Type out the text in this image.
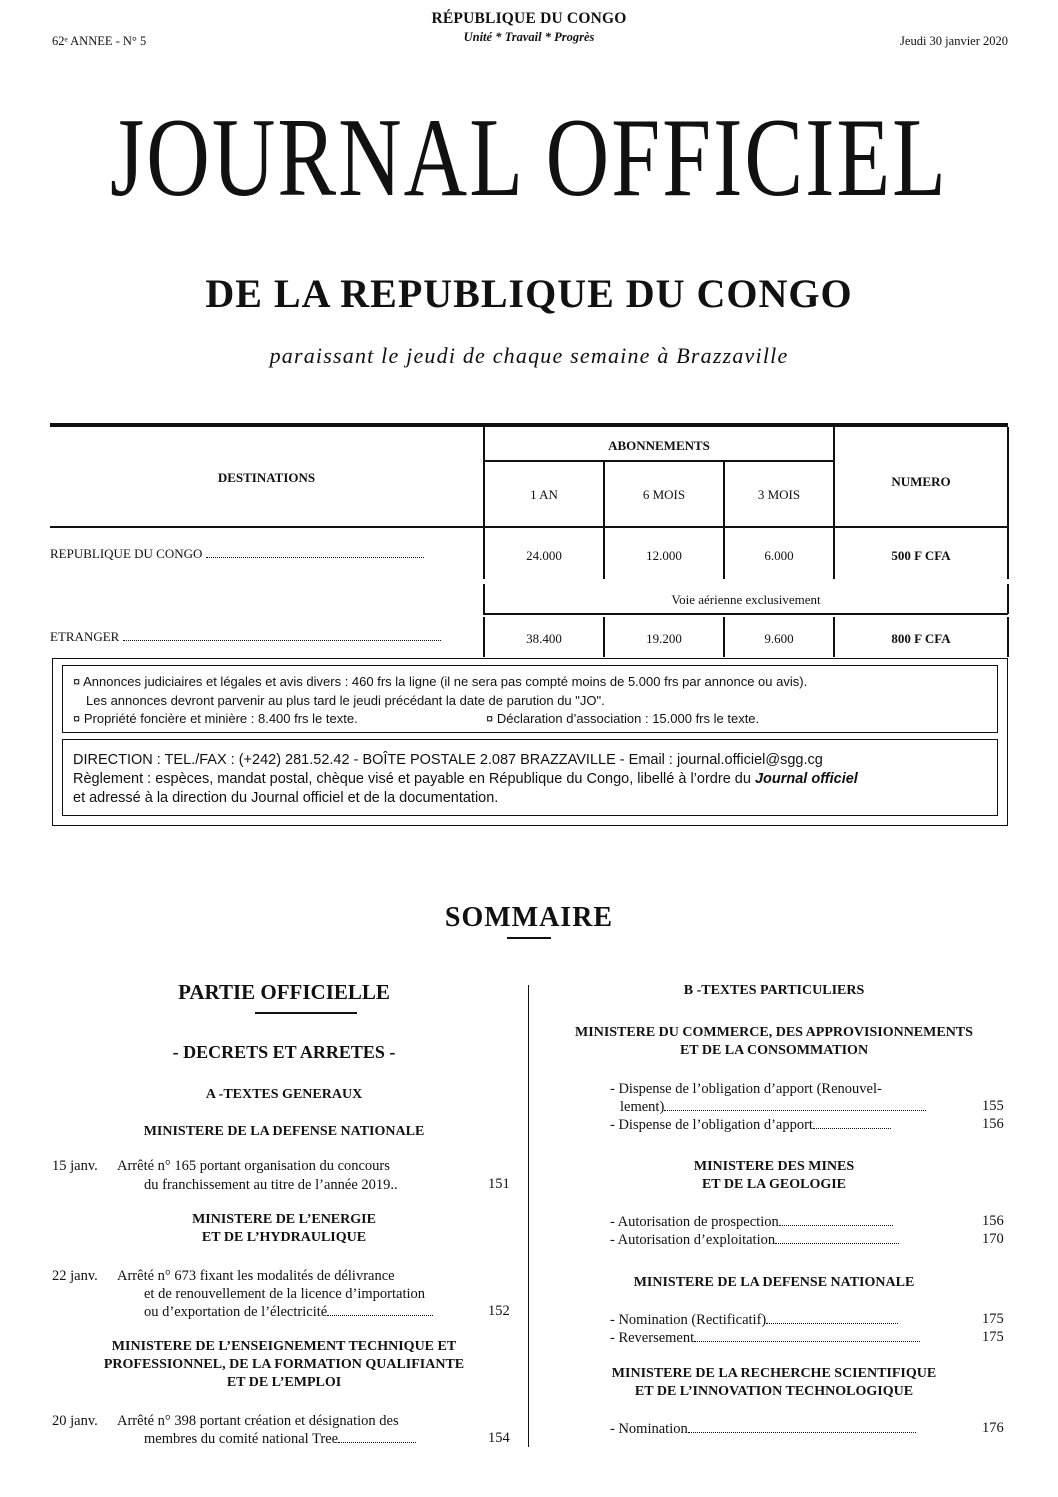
62ᵉ ANNEE - N° 5
RÉPUBLIQUE DU CONGO
Unité * Travail * Progrès	Jeudi 30 janvier 2020
JOURNAL OFFICIEL
DE LA REPUBLIQUE DU CONGO
paraissant le jeudi de chaque semaine à Brazzaville
DESTINATIONS
ABONNEMENTS
NUMERO
1 AN	6 MOIS	3 MOIS
REPUBLIQUE DU CONGO	24.000	12.000	6.000	500 F CFA
Voie aérienne exclusivement
ETRANGER	38.400	19.200	9.600	800 F CFA
¤ Annonces judiciaires et légales et avis divers : 460 frs la ligne (il ne sera pas compté moins de 5.000 frs par annonce ou avis).
Les annonces devront parvenir au plus tard le jeudi précédant la date de parution du "JO".
¤ Propriété foncière et minière : 8.400 frs le texte.	¤ Déclaration d’association : 15.000 frs le texte.
DIRECTION : TEL./FAX : (+242) 281.52.42 - BOÎTE POSTALE 2.087 BRAZZAVILLE - Email : journal.officiel@sgg.cg
Règlement : espèces, mandat postal, chèque visé et payable en République du Congo, libellé à l’ordre du Journal officiel
et adressé à la direction du Journal officiel et de la documentation.
SOMMAIRE
PARTIE OFFICIELLE
- DECRETS ET ARRETES -
A -TEXTES GENERAUX
MINISTERE DE LA DEFENSE NATIONALE
15 janv. Arrêté n° 165 portant organisation du concours
du franchissement au titre de l’année 2019..	151
MINISTERE DE L’ENERGIE
ET DE L’HYDRAULIQUE
22 janv. Arrêté n° 673 fixant les modalités de délivrance
et de renouvellement de la licence d’importation
ou d’exportation de l’électricité	152
MINISTERE DE L’ENSEIGNEMENT TECHNIQUE ET
PROFESSIONNEL, DE LA FORMATION QUALIFIANTE
ET DE L’EMPLOI
20 janv. Arrêté n° 398 portant création et désignation des
membres du comité national Tree	154
B -TEXTES PARTICULIERS
MINISTERE DU COMMERCE, DES APPROVISIONNEMENTS
ET DE LA CONSOMMATION
- Dispense de l’obligation d’apport (Renouvel-
lement)	155
- Dispense de l’obligation d’apport	156
MINISTERE DES MINES
ET DE LA GEOLOGIE
- Autorisation de prospection	156
- Autorisation d’exploitation	170
MINISTERE DE LA DEFENSE NATIONALE
- Nomination (Rectificatif)	175
- Reversement	175
MINISTERE DE LA RECHERCHE SCIENTIFIQUE
ET DE L’INNOVATION TECHNOLOGIQUE
- Nomination	176
